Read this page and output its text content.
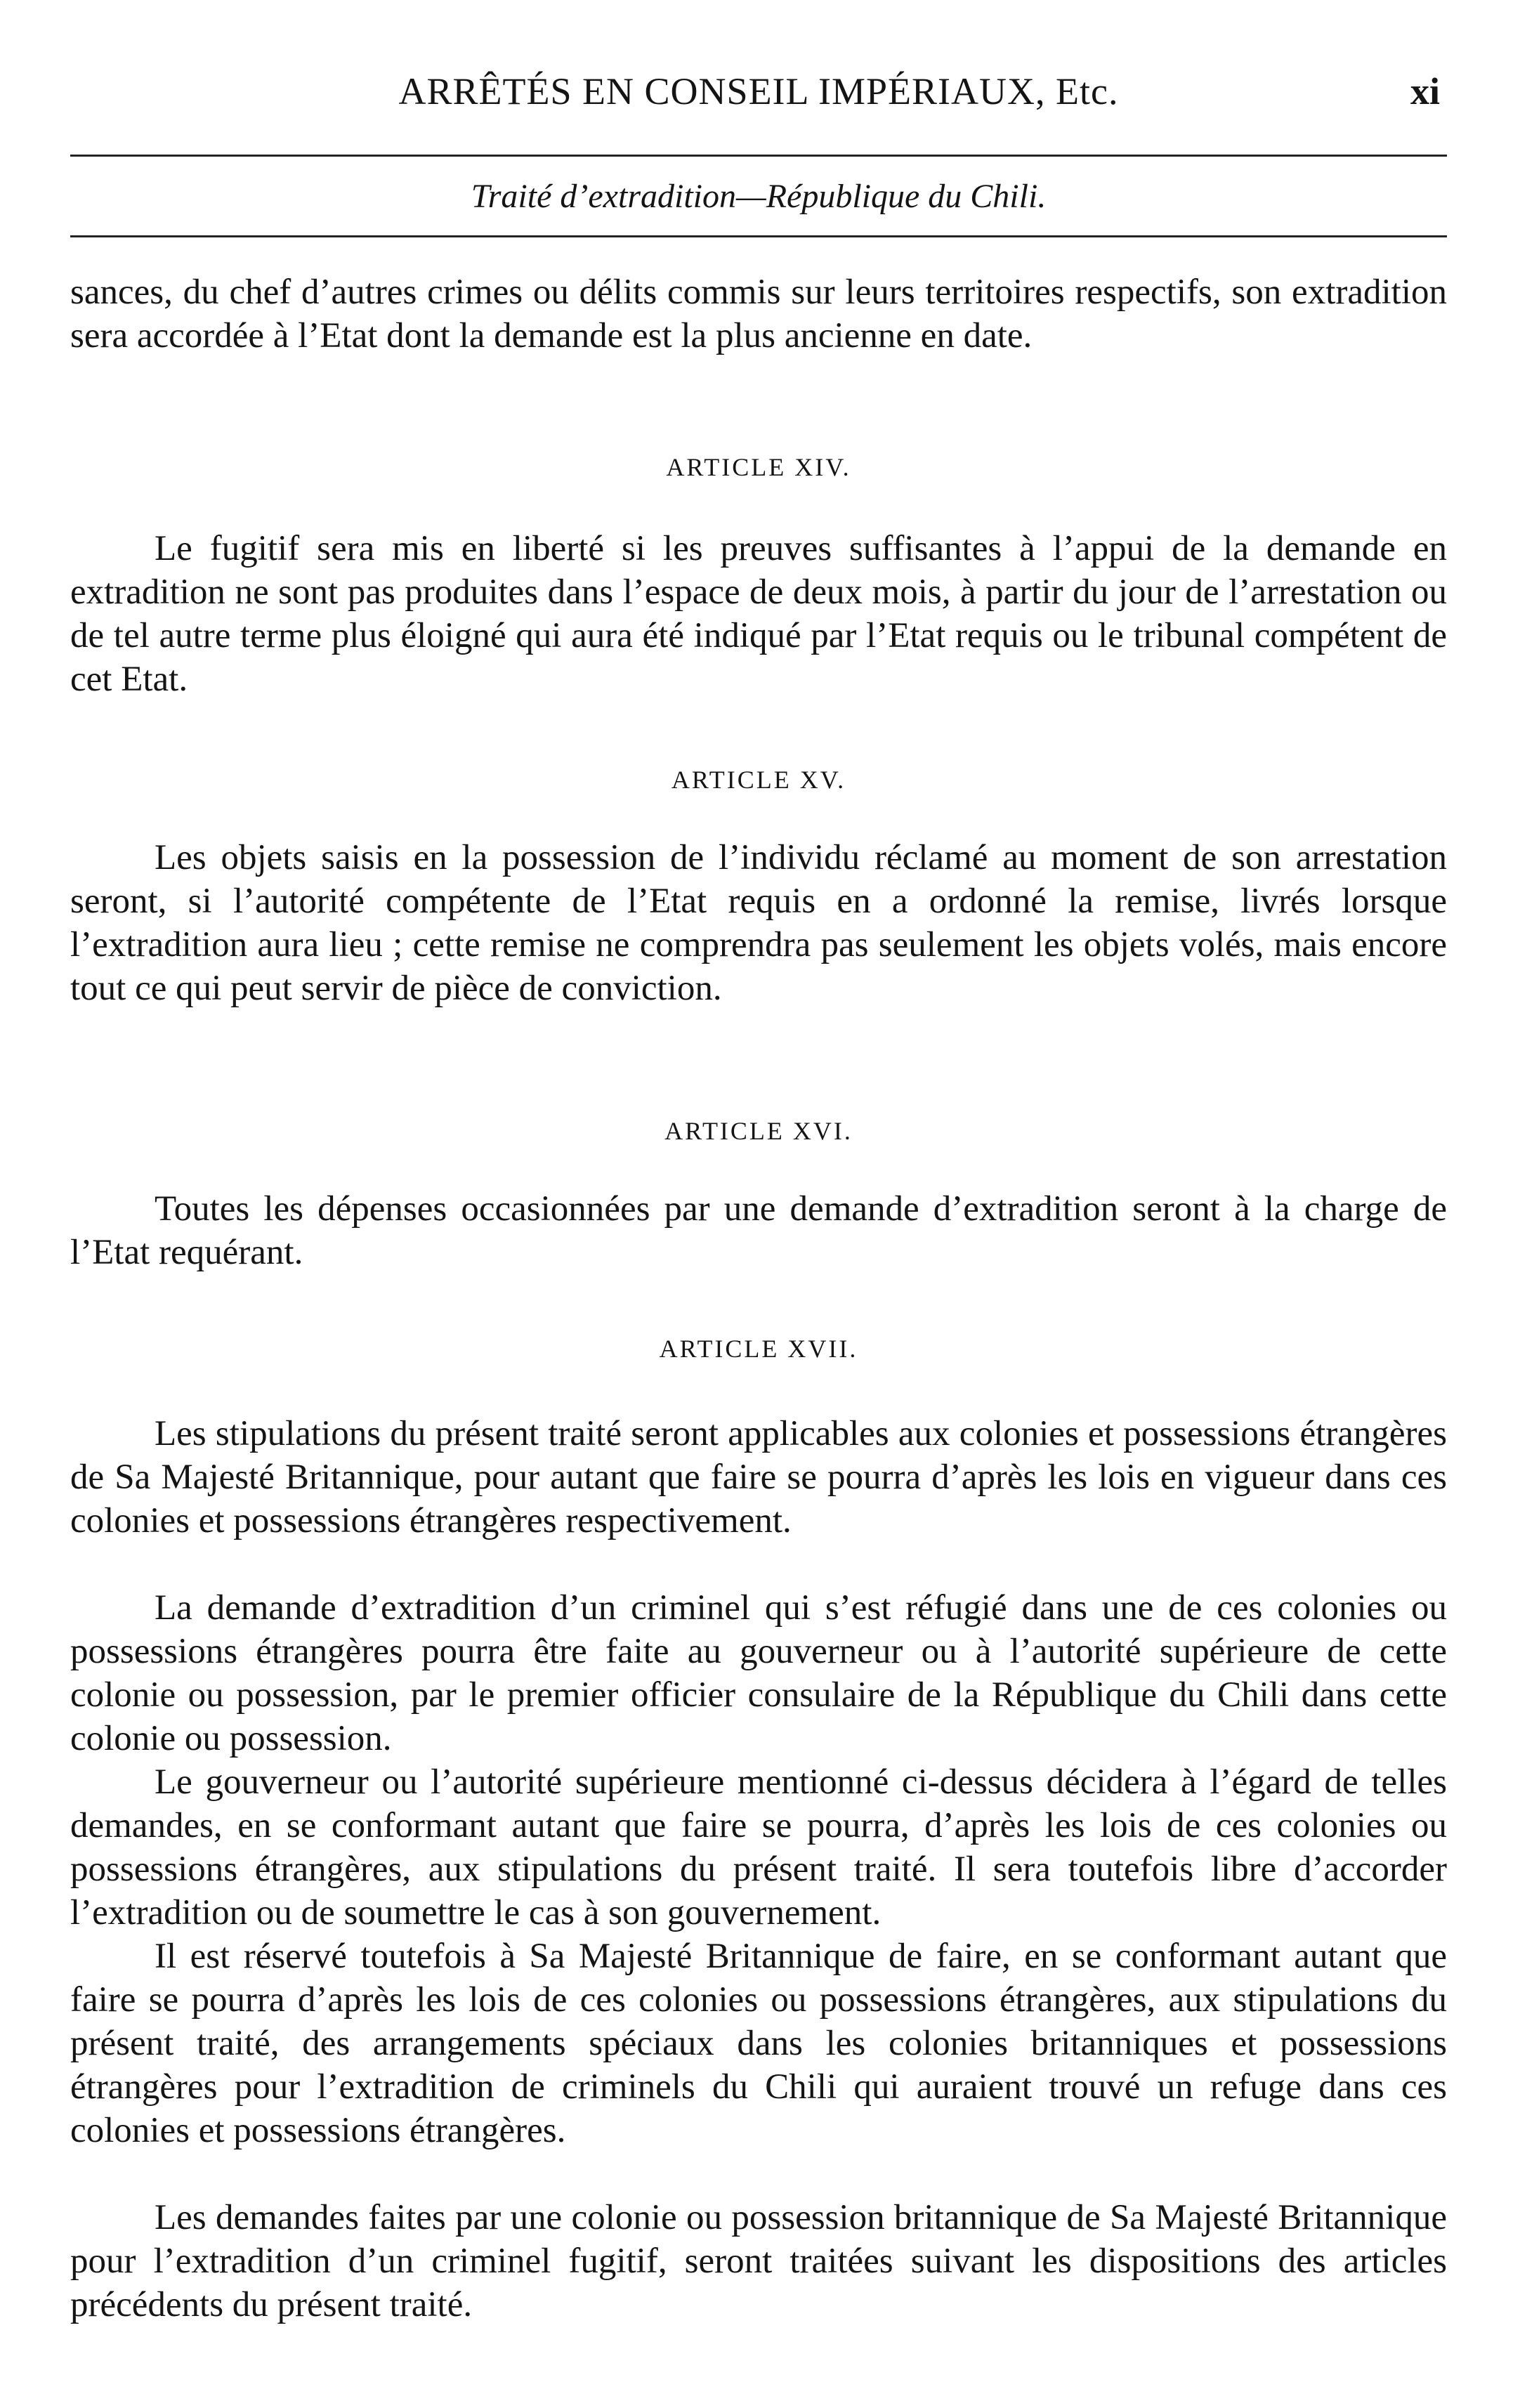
ARRÊTÉS EN CONSEIL IMPÉRIAUX, Etc.	xi
Traité d’extradition—République du Chili.

sances, du chef d’autres crimes ou délits commis sur leurs territoires respectifs, son extradition sera accordée à l’Etat dont la demande est la plus ancienne en date.

ARTICLE XIV.

Le fugitif sera mis en liberté si les preuves suffisantes à l’appui de la demande en extradition ne sont pas produites dans l’espace de deux mois, à partir du jour de l’arrestation ou de tel autre terme plus éloigné qui aura été indiqué par l’Etat requis ou le tribunal compétent de cet Etat.

ARTICLE XV.

Les objets saisis en la possession de l’individu réclamé au moment de son arrestation seront, si l’autorité compétente de l’Etat requis en a ordonné la remise, livrés lorsque l’extradition aura lieu ; cette remise ne comprendra pas seulement les objets volés, mais encore tout ce qui peut servir de pièce de conviction.

ARTICLE XVI.

Toutes les dépenses occasionnées par une demande d’extradition seront à la charge de l’Etat requérant.

ARTICLE XVII.

Les stipulations du présent traité seront applicables aux colonies et possessions étrangères de Sa Majesté Britannique, pour autant que faire se pourra d’après les lois en vigueur dans ces colonies et possessions étrangères respectivement.

La demande d’extradition d’un criminel qui s’est réfugié dans une de ces colonies ou possessions étrangères pourra être faite au gouverneur ou à l’autorité supérieure de cette colonie ou possession, par le premier officier consulaire de la République du Chili dans cette colonie ou possession.

Le gouverneur ou l’autorité supérieure mentionné ci-dessus décidera à l’égard de telles demandes, en se conformant autant que faire se pourra, d’après les lois de ces colonies ou possessions étrangères, aux stipulations du présent traité. Il sera toutefois libre d’accorder l’extradition ou de soumettre le cas à son gouvernement.

Il est réservé toutefois à Sa Majesté Britannique de faire, en se conformant autant que faire se pourra d’après les lois de ces colonies ou possessions étrangères, aux stipulations du présent traité, des arrangements spéciaux dans les colonies britanniques et possessions étrangères pour l’extradition de criminels du Chili qui auraient trouvé un refuge dans ces colonies et possessions étrangères.

Les demandes faites par une colonie ou possession britannique de Sa Majesté Britannique pour l’extradition d’un criminel fugitif, seront traitées suivant les dispositions des articles précédents du présent traité.
